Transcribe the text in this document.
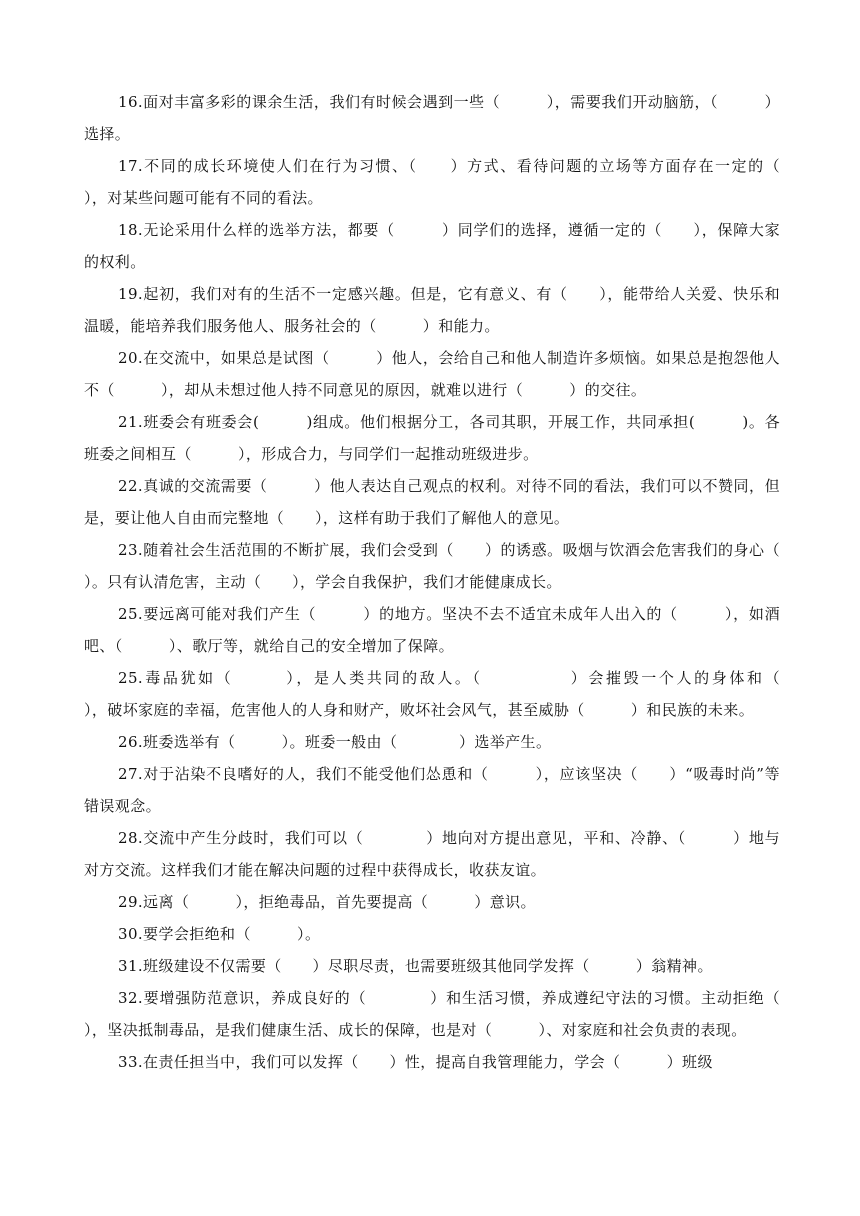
16.面对丰富多彩的课余生活，我们有时候会遇到一些（　　　），需要我们开动脑筋，（　　　）选择。

17.不同的成长环境使人们在行为习惯、（　　）方式、看待问题的立场等方面存在一定的（　　　），对某些问题可能有不同的看法。

18.无论采用什么样的选举方法，都要（　　　）同学们的选择，遵循一定的（　　），保障大家的权利。

19.起初，我们对有的生活不一定感兴趣。但是，它有意义、有（　　），能带给人关爱、快乐和温暖，能培养我们服务他人、服务社会的（　　　）和能力。

20.在交流中，如果总是试图（　　　）他人，会给自己和他人制造许多烦恼。如果总是抱怨他人不（　　　），却从未想过他人持不同意见的原因，就难以进行（　　　）的交往。

21.班委会有班委会(　　　)组成。他们根据分工，各司其职，开展工作，共同承担(　　　)。各班委之间相互（　　　），形成合力，与同学们一起推动班级进步。

22.真诚的交流需要（　　　）他人表达自己观点的权利。对待不同的看法，我们可以不赞同，但是，要让他人自由而完整地（　　），这样有助于我们了解他人的意见。

23.随着社会生活范围的不断扩展，我们会受到（　　）的诱惑。吸烟与饮酒会危害我们的身心（　　）。只有认清危害，主动（　　），学会自我保护，我们才能健康成长。

25.要远离可能对我们产生（　　　）的地方。坚决不去不适宜未成年人出入的（　　　），如酒吧、（　　　）、歌厅等，就给自己的安全增加了保障。

25.毒品犹如（　　　），是人类共同的敌人。（　　　　　）会摧毁一个人的身体和（　　　　），破坏家庭的幸福，危害他人的人身和财产，败坏社会风气，甚至威胁（　　　）和民族的未来。

26.班委选举有（　　　）。班委一般由（　　　　）选举产生。

27.对于沾染不良嗜好的人，我们不能受他们怂恿和（　　　），应该坚决（　　）“吸毒时尚”等错误观念。

28.交流中产生分歧时，我们可以（　　　　）地向对方提出意见，平和、冷静、（　　　）地与对方交流。这样我们才能在解决问题的过程中获得成长，收获友谊。

29.远离（　　　），拒绝毒品，首先要提高（　　　）意识。

30.要学会拒绝和（　　　）。

31.班级建设不仅需要（　　）尽职尽责，也需要班级其他同学发挥（　　　）翁精神。

32.要增强防范意识，养成良好的（　　　　）和生活习惯，养成遵纪守法的习惯。主动拒绝（　　　），坚决抵制毒品，是我们健康生活、成长的保障，也是对（　　　）、对家庭和社会负责的表现。

33.在责任担当中，我们可以发挥（　　）性，提高自我管理能力，学会（　　　）班级
